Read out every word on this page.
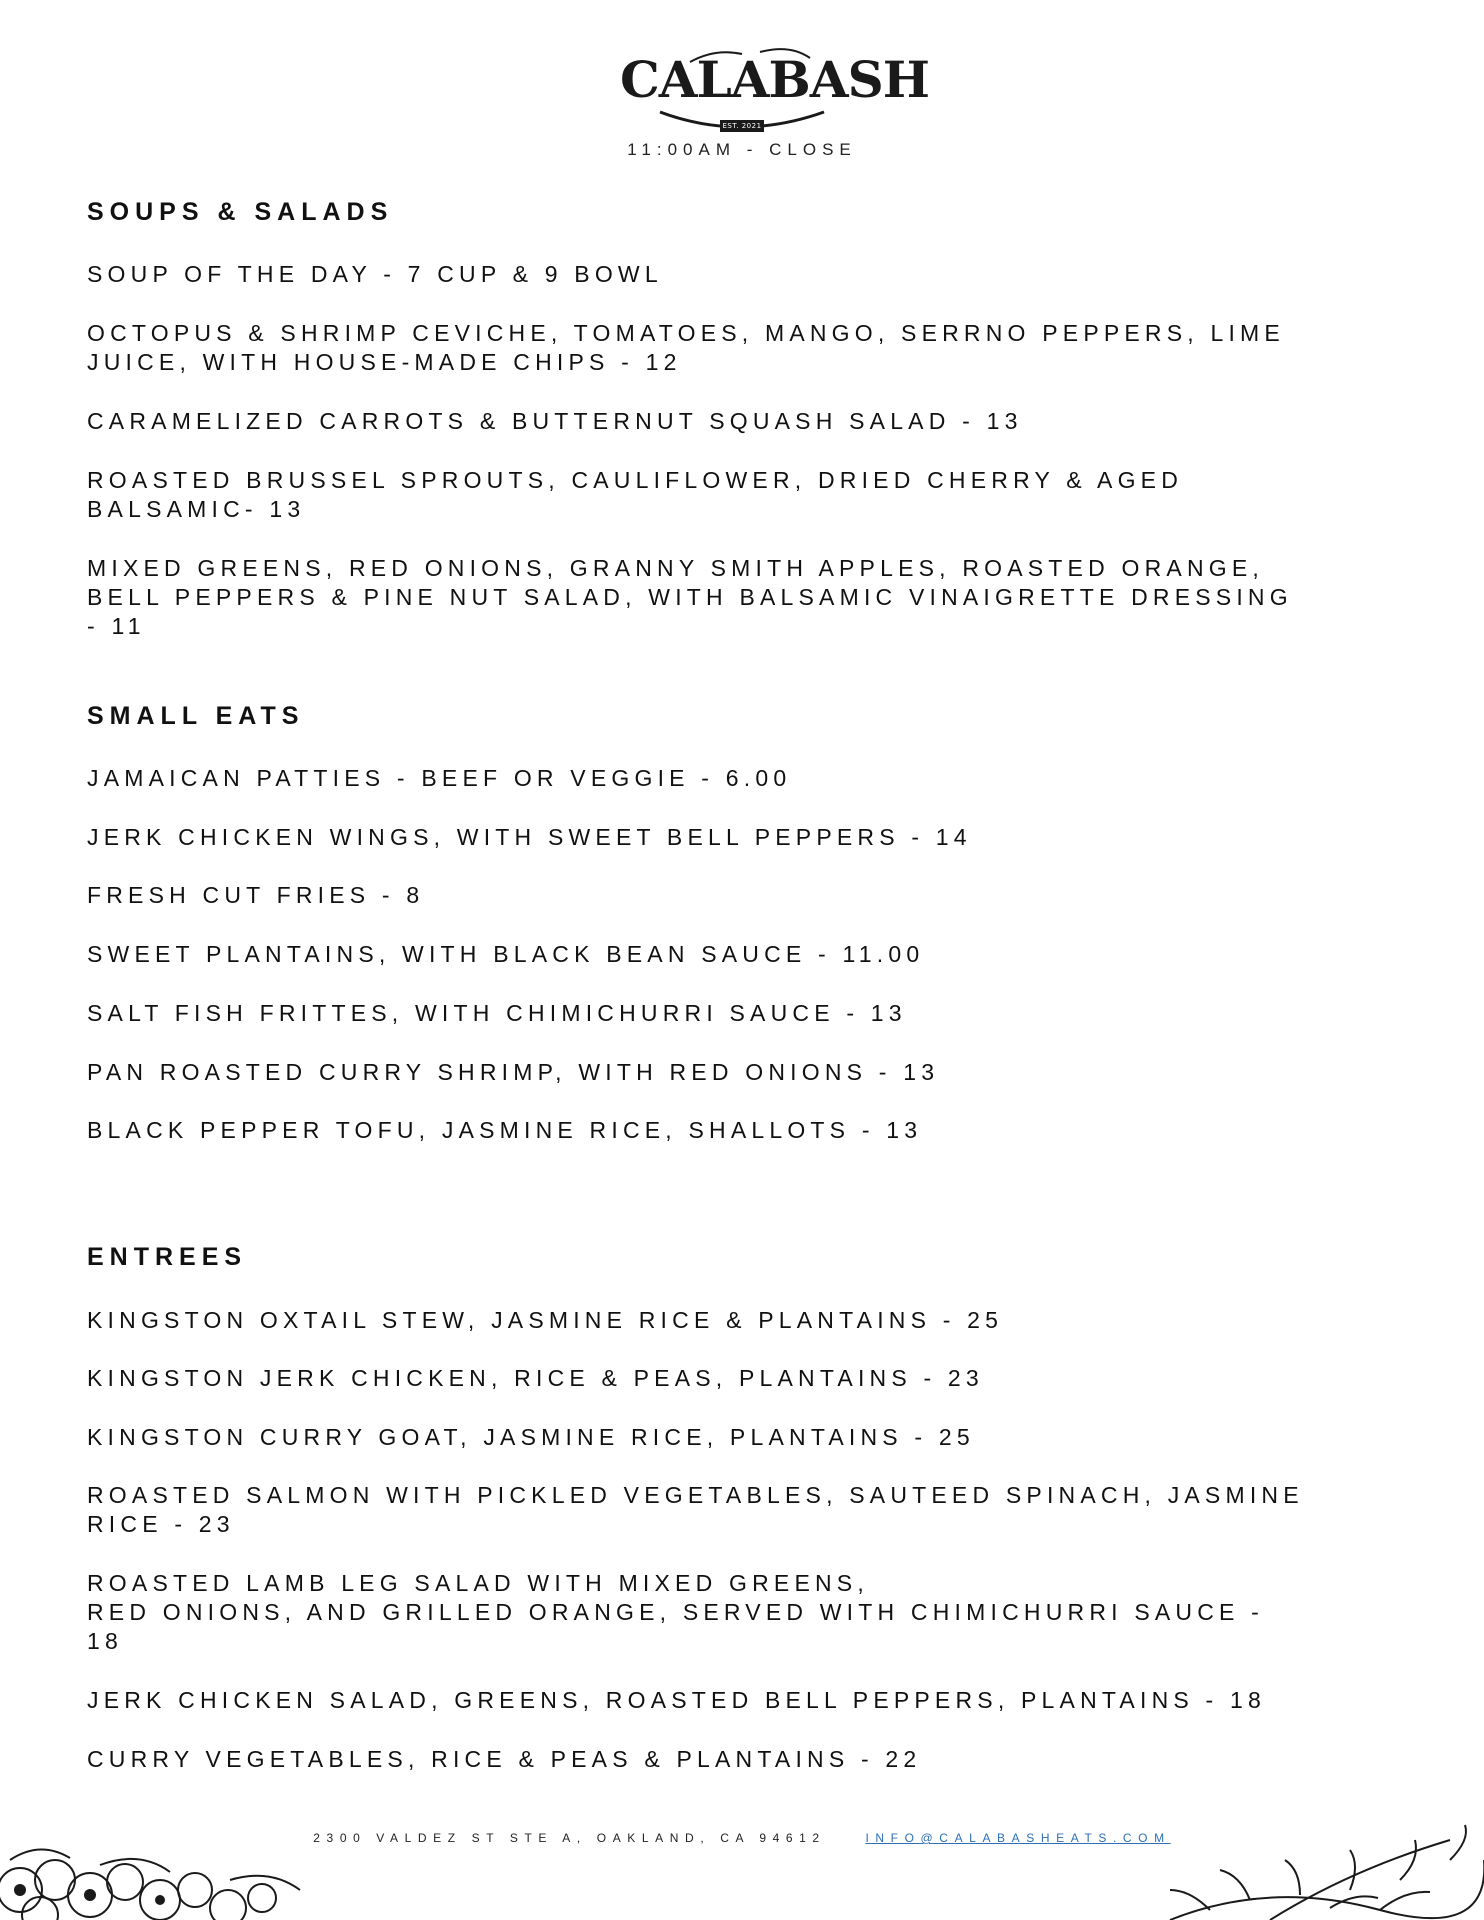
CALABASH
EST. 2021
11:00AM - CLOSE
SOUPS & SALADS
SOUP OF THE DAY - 7 CUP & 9 BOWL
OCTOPUS & SHRIMP CEVICHE, TOMATOES, MANGO, SERRNO PEPPERS, LIME
JUICE, WITH HOUSE-MADE CHIPS - 12
CARAMELIZED CARROTS & BUTTERNUT SQUASH SALAD - 13
ROASTED BRUSSEL SPROUTS, CAULIFLOWER, DRIED CHERRY & AGED
BALSAMIC- 13
MIXED GREENS, RED ONIONS, GRANNY SMITH APPLES, ROASTED ORANGE,
BELL PEPPERS & PINE NUT SALAD, WITH BALSAMIC VINAIGRETTE DRESSING
- 11
SMALL EATS
JAMAICAN PATTIES - BEEF OR VEGGIE - 6.00
JERK CHICKEN WINGS, WITH SWEET BELL PEPPERS - 14
FRESH CUT FRIES - 8
SWEET PLANTAINS, WITH BLACK BEAN SAUCE - 11.00
SALT FISH FRITTES, WITH CHIMICHURRI SAUCE - 13
PAN ROASTED CURRY SHRIMP, WITH RED ONIONS - 13
BLACK PEPPER TOFU, JASMINE RICE, SHALLOTS - 13
ENTREES
KINGSTON OXTAIL STEW, JASMINE RICE & PLANTAINS - 25
KINGSTON JERK CHICKEN, RICE & PEAS, PLANTAINS - 23
KINGSTON CURRY GOAT, JASMINE RICE, PLANTAINS - 25
ROASTED SALMON WITH PICKLED VEGETABLES, SAUTEED SPINACH, JASMINE
RICE - 23
ROASTED LAMB LEG SALAD WITH MIXED GREENS,
RED ONIONS, AND GRILLED ORANGE, SERVED WITH CHIMICHURRI SAUCE -
18
JERK CHICKEN SALAD, GREENS, ROASTED BELL PEPPERS, PLANTAINS - 18
CURRY VEGETABLES, RICE & PEAS & PLANTAINS - 22
2300 VALDEZ ST STE A, OAKLAND, CA 94612	INFO@CALABASHEATS.COM
